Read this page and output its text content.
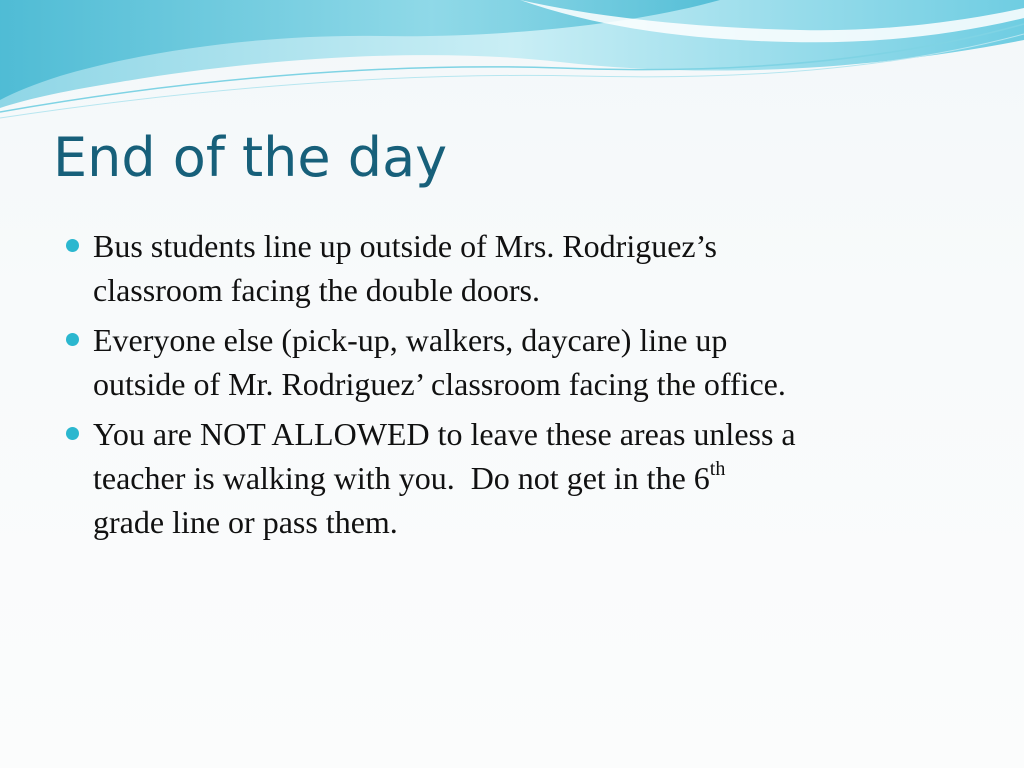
End of the day
Bus students line up outside of Mrs. Rodriguez’s
classroom facing the double doors.
Everyone else (pick-up, walkers, daycare) line up
outside of Mr. Rodriguez’ classroom facing the office.
You are NOT ALLOWED to leave these areas unless a
teacher is walking with you. Do not get in the 6th
grade line or pass them.
